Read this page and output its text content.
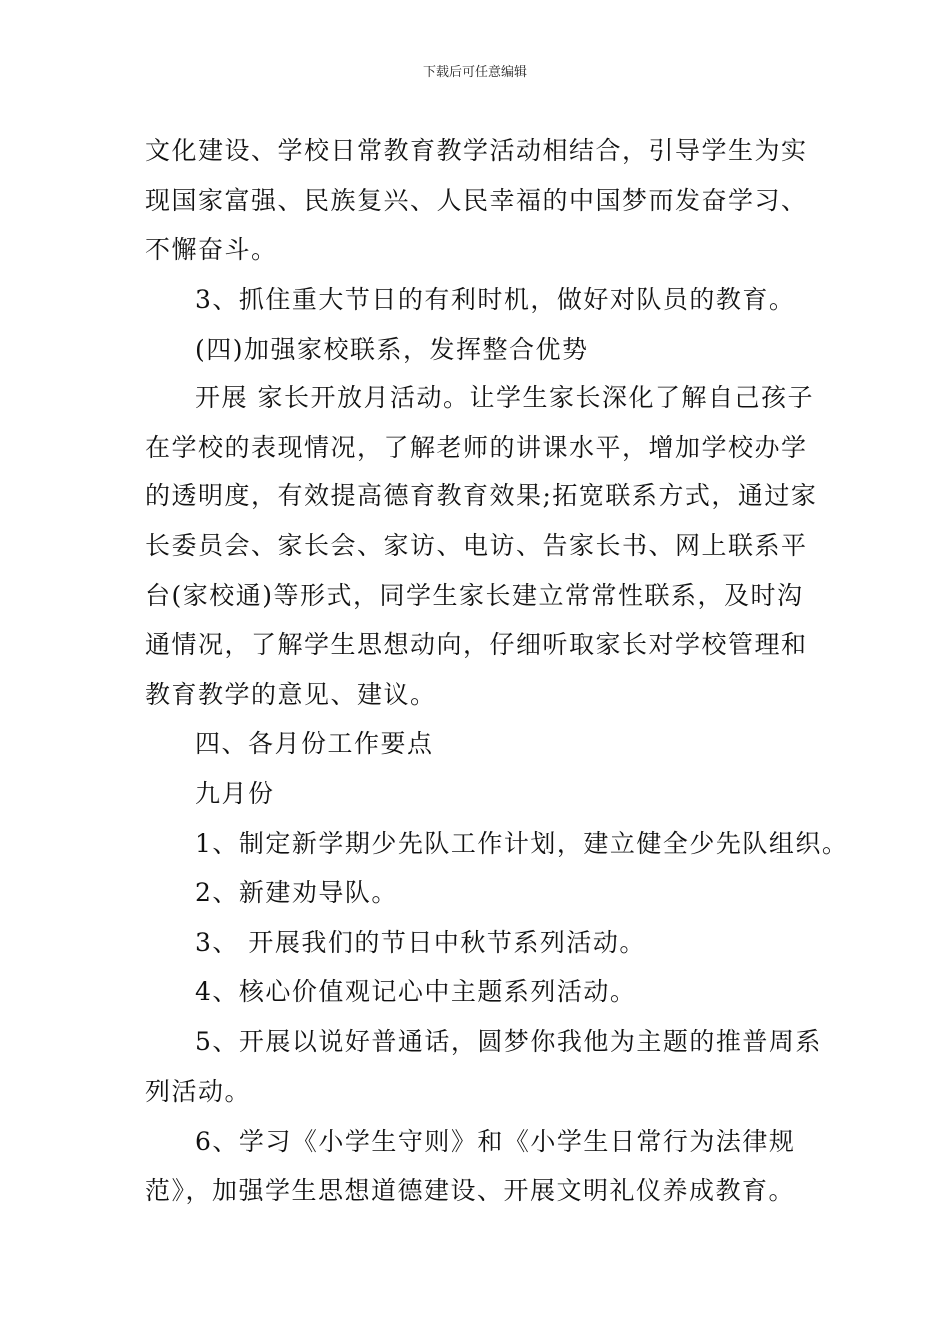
下载后可任意编辑

文化建设、学校日常教育教学活动相结合，引导学生为实

现国家富强、民族复兴、人民幸福的中国梦而发奋学习、

不懈奋斗。

3、抓住重大节日的有利时机，做好对队员的教育。

(四)加强家校联系，发挥整合优势

开展 家长开放月活动。让学生家长深化了解自己孩子

在学校的表现情况，了解老师的讲课水平，增加学校办学

的透明度，有效提高德育教育效果;拓宽联系方式，通过家

长委员会、家长会、家访、电访、告家长书、网上联系平

台(家校通)等形式，同学生家长建立常常性联系，及时沟

通情况，了解学生思想动向，仔细听取家长对学校管理和

教育教学的意见、建议。

四、各月份工作要点

九月份

1、制定新学期少先队工作计划，建立健全少先队组织。

2、新建劝导队。

3、 开展我们的节日中秋节系列活动。

4、核心价值观记心中主题系列活动。

5、开展以说好普通话，圆梦你我他为主题的推普周系

列活动。

6、学习《小学生守则》和《小学生日常行为法律规

范》，加强学生思想道德建设、开展文明礼仪养成教育。
